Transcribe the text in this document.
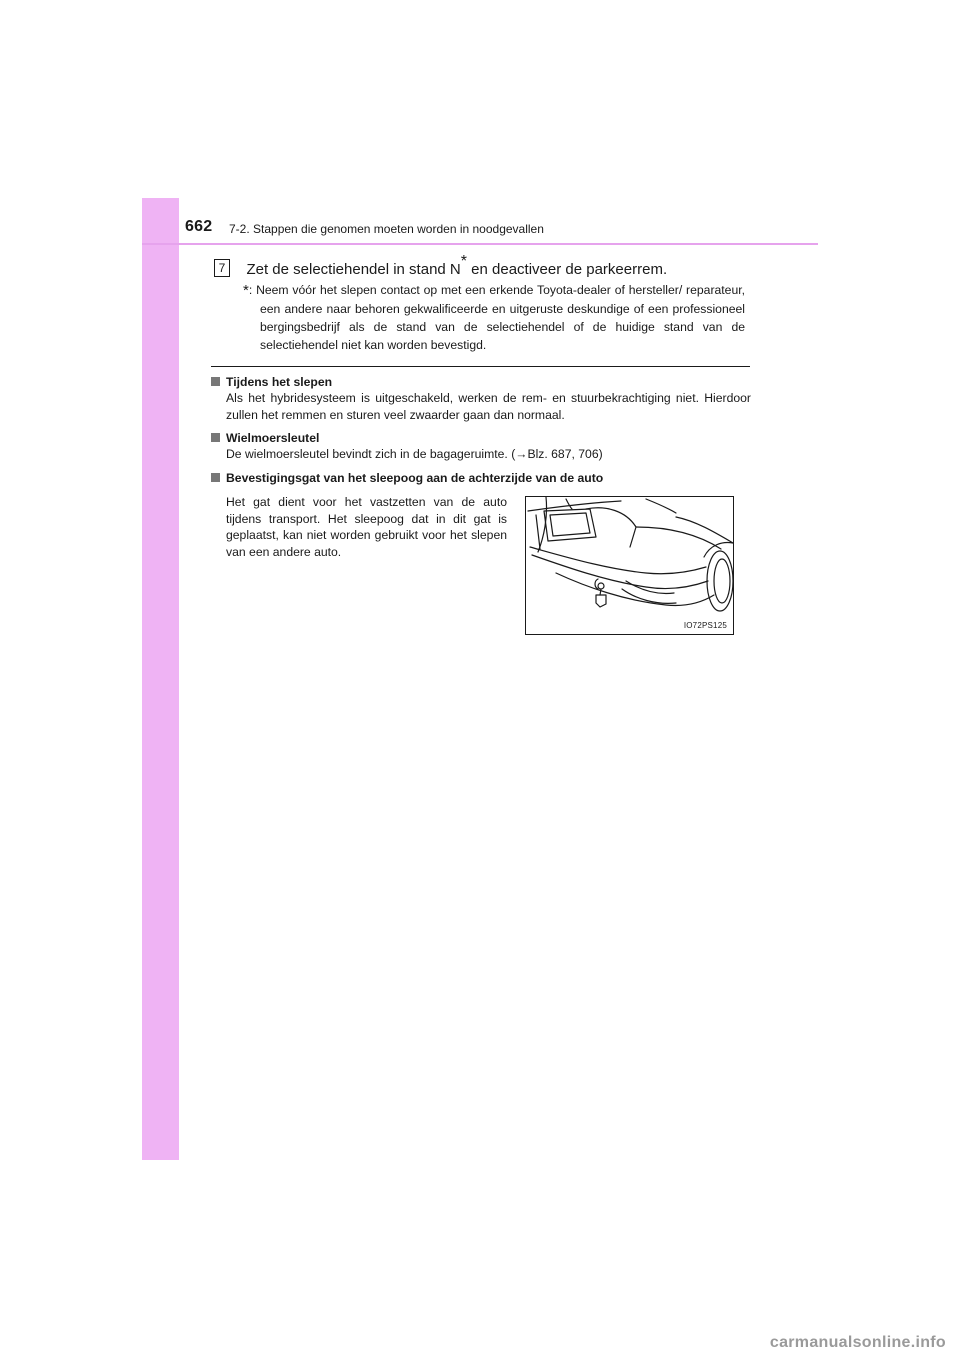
662 7-2. Stappen die genomen moeten worden in noodgevallen
7 Zet de selectiehendel in stand N* en deactiveer de parkeerrem.
*: Neem vóór het slepen contact op met een erkende Toyota-dealer of hersteller/ reparateur, een andere naar behoren gekwalificeerde en uitgeruste deskundige of een professioneel bergingsbedrijf als de stand van de selectiehendel of de huidige stand van de selectiehendel niet kan worden bevestigd.
Tijdens het slepen
Als het hybridesysteem is uitgeschakeld, werken de rem- en stuurbekrachtiging niet. Hierdoor zullen het remmen en sturen veel zwaarder gaan dan normaal.
Wielmoersleutel
De wielmoersleutel bevindt zich in de bagageruimte. (→Blz. 687, 706)
Bevestigingsgat van het sleepoog aan de achterzijde van de auto
Het gat dient voor het vastzetten van de auto tijdens transport. Het sleepoog dat in dit gat is geplaatst, kan niet worden gebruikt voor het slepen van een andere auto.
IO72PS125
carmanualsonline.info
